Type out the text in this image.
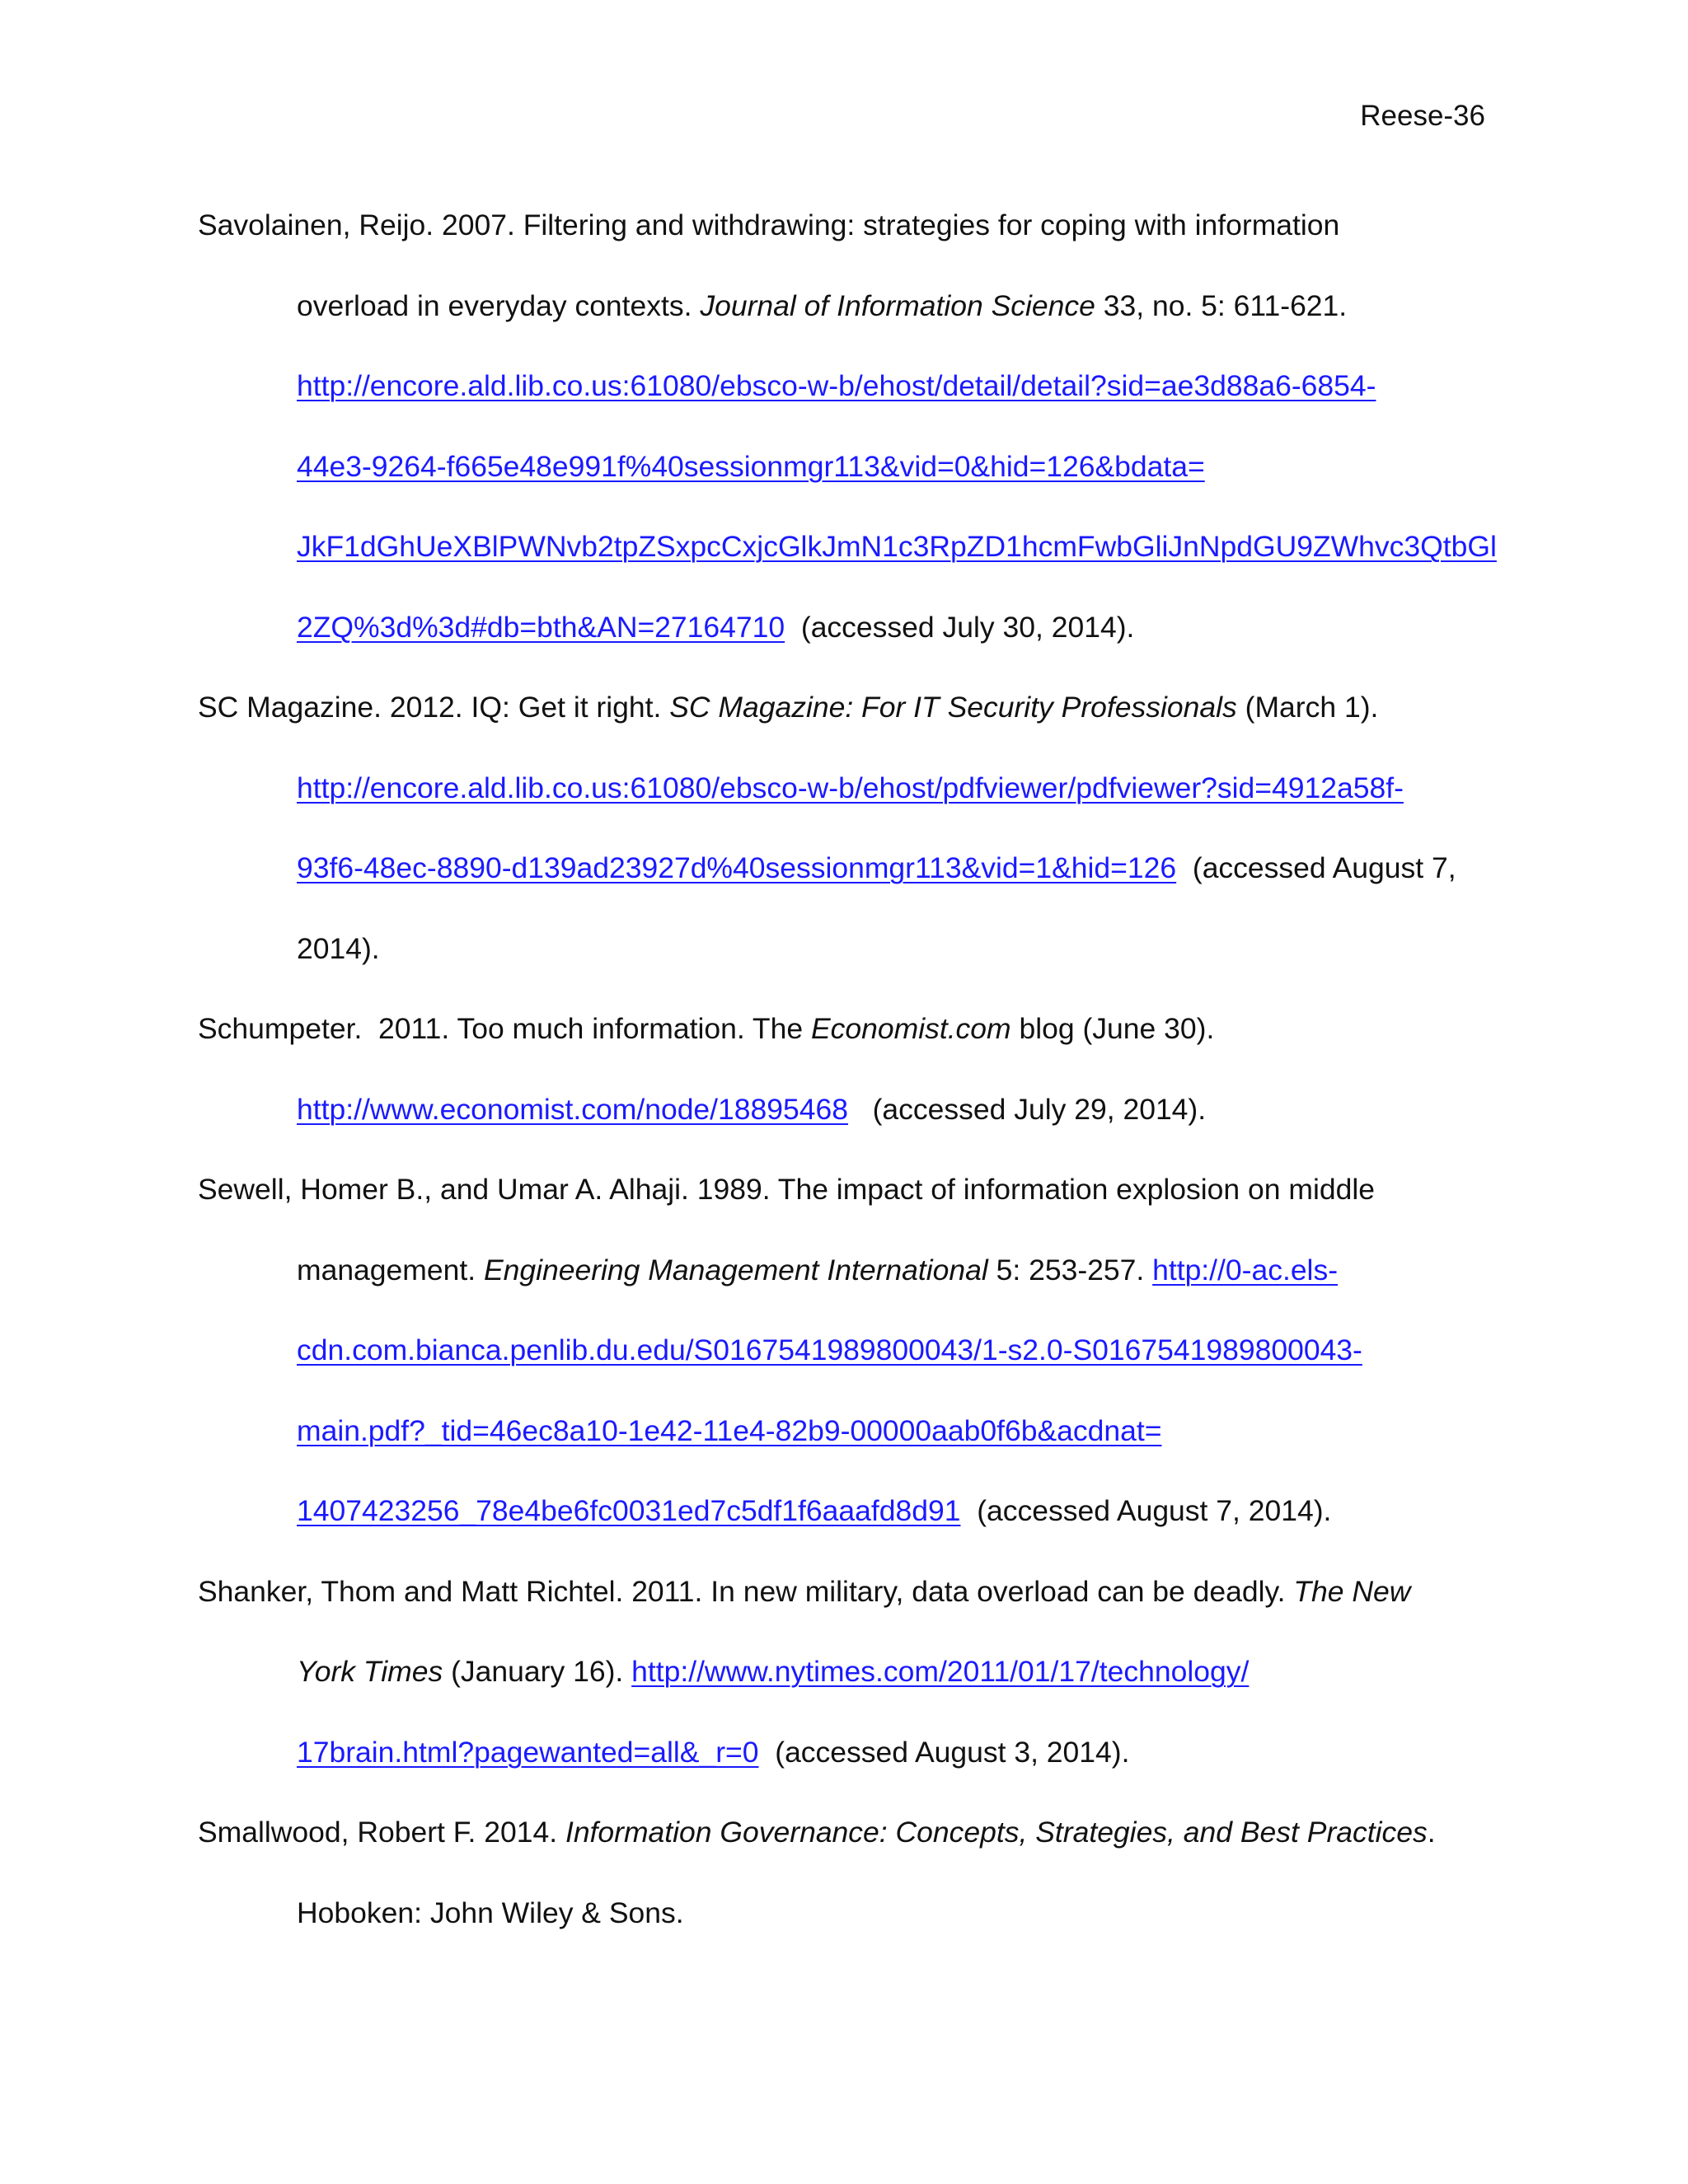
Reese-36
Savolainen, Reijo. 2007. Filtering and withdrawing: strategies for coping with information
overload in everyday contexts. Journal of Information Science 33, no. 5: 611-621.
http://encore.ald.lib.co.us:61080/ebsco-w-b/ehost/detail/detail?sid=ae3d88a6-6854-
44e3-9264-f665e48e991f%40sessionmgr113&vid=0&hid=126&bdata=
JkF1dGhUeXBlPWNvb2tpZSxpcCxjcGlkJmN1c3RpZD1hcmFwbGliJnNpdGU9ZWhvc3QtbGl
2ZQ%3d%3d#db=bth&AN=27164710  (accessed July 30, 2014).
SC Magazine. 2012. IQ: Get it right. SC Magazine: For IT Security Professionals (March 1).
http://encore.ald.lib.co.us:61080/ebsco-w-b/ehost/pdfviewer/pdfviewer?sid=4912a58f-
93f6-48ec-8890-d139ad23927d%40sessionmgr113&vid=1&hid=126  (accessed August 7,
2014).
Schumpeter.  2011. Too much information. The Economist.com blog (June 30).
http://www.economist.com/node/18895468   (accessed July 29, 2014).
Sewell, Homer B., and Umar A. Alhaji. 1989. The impact of information explosion on middle
management. Engineering Management International 5: 253-257. http://0-ac.els-
cdn.com.bianca.penlib.du.edu/S0167541989800043/1-s2.0-S0167541989800043-
main.pdf?_tid=46ec8a10-1e42-11e4-82b9-00000aab0f6b&acdnat=
1407423256_78e4be6fc0031ed7c5df1f6aaafd8d91  (accessed August 7, 2014).
Shanker, Thom and Matt Richtel. 2011. In new military, data overload can be deadly. The New
York Times (January 16). http://www.nytimes.com/2011/01/17/technology/
17brain.html?pagewanted=all&_r=0  (accessed August 3, 2014).
Smallwood, Robert F. 2014. Information Governance: Concepts, Strategies, and Best Practices.
Hoboken: John Wiley & Sons.
